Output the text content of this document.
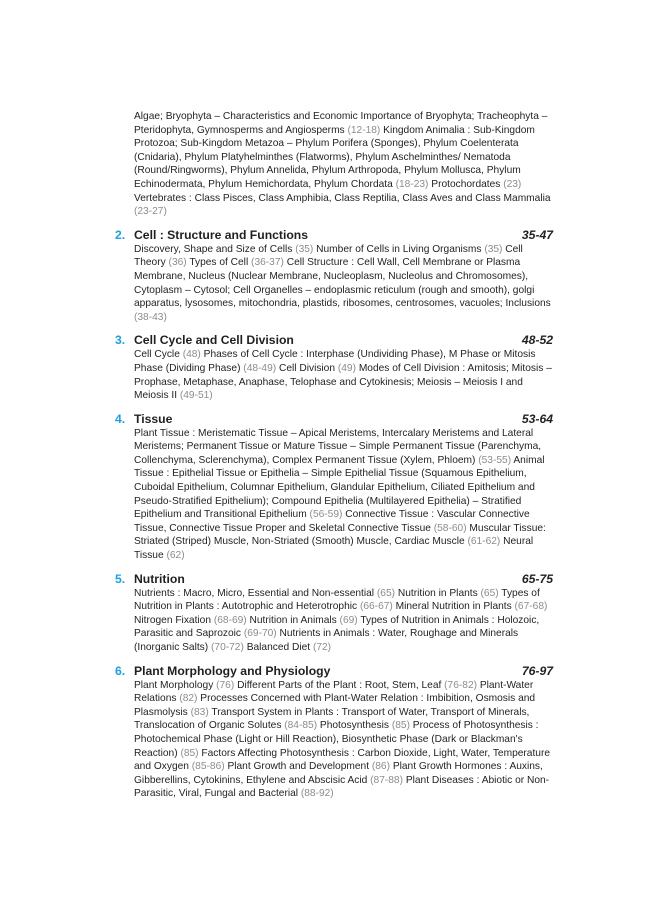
Algae; Bryophyta – Characteristics and Economic Importance of Bryophyta; Tracheophyta – Pteridophyta, Gymnosperms and Angiosperms (12-18) Kingdom Animalia : Sub-Kingdom Protozoa; Sub-Kingdom Metazoa – Phylum Porifera (Sponges), Phylum Coelenterata (Cnidaria), Phylum Platyhelminthes (Flatworms), Phylum Aschelminthes/ Nematoda (Round/Ringworms), Phylum Annelida, Phylum Arthropoda, Phylum Mollusca, Phylum Echinodermata, Phylum Hemichordata, Phylum Chordata (18-23) Protochordates (23) Vertebrates : Class Pisces, Class Amphibia, Class Reptilia, Class Aves and Class Mammalia (23-27)
2. Cell : Structure and Functions	35-47
Discovery, Shape and Size of Cells (35) Number of Cells in Living Organisms (35) Cell Theory (36) Types of Cell (36-37) Cell Structure : Cell Wall, Cell Membrane or Plasma Membrane, Nucleus (Nuclear Membrane, Nucleoplasm, Nucleolus and Chromosomes), Cytoplasm – Cytosol; Cell Organelles – endoplasmic reticulum (rough and smooth), golgi apparatus, lysosomes, mitochondria, plastids, ribosomes, centrosomes, vacuoles; Inclusions (38-43)
3. Cell Cycle and Cell Division	48-52
Cell Cycle (48) Phases of Cell Cycle : Interphase (Undividing Phase), M Phase or Mitosis Phase (Dividing Phase) (48-49) Cell Division (49) Modes of Cell Division : Amitosis; Mitosis – Prophase, Metaphase, Anaphase, Telophase and Cytokinesis; Meiosis – Meiosis I and Meiosis II (49-51)
4. Tissue	53-64
Plant Tissue : Meristematic Tissue – Apical Meristems, Intercalary Meristems and Lateral Meristems; Permanent Tissue or Mature Tissue – Simple Permanent Tissue (Parenchyma, Collenchyma, Sclerenchyma), Complex Permanent Tissue (Xylem, Phloem) (53-55) Animal Tissue : Epithelial Tissue or Epithelia – Simple Epithelial Tissue (Squamous Epithelium, Cuboidal Epithelium, Columnar Epithelium, Glandular Epithelium, Ciliated Epithelium and Pseudo-Stratified Epithelium); Compound Epithelia (Multilayered Epithelia) – Stratified Epithelium and Transitional Epithelium (56-59) Connective Tissue : Vascular Connective Tissue, Connective Tissue Proper and Skeletal Connective Tissue (58-60) Muscular Tissue: Striated (Striped) Muscle, Non-Striated (Smooth) Muscle, Cardiac Muscle (61-62) Neural Tissue (62)
5. Nutrition	65-75
Nutrients : Macro, Micro, Essential and Non-essential (65) Nutrition in Plants (65) Types of Nutrition in Plants : Autotrophic and Heterotrophic (66-67) Mineral Nutrition in Plants (67-68) Nitrogen Fixation (68-69) Nutrition in Animals (69) Types of Nutrition in Animals : Holozoic, Parasitic and Saprozoic (69-70) Nutrients in Animals : Water, Roughage and Minerals (Inorganic Salts) (70-72) Balanced Diet (72)
6. Plant Morphology and Physiology	76-97
Plant Morphology (76) Different Parts of the Plant : Root, Stem, Leaf (76-82) Plant-Water Relations (82) Processes Concerned with Plant-Water Relation : Imbibition, Osmosis and Plasmolysis (83) Transport System in Plants : Transport of Water, Transport of Minerals, Translocation of Organic Solutes (84-85) Photosynthesis (85) Process of Photosynthesis : Photochemical Phase (Light or Hill Reaction), Biosynthetic Phase (Dark or Blackman's Reaction) (85) Factors Affecting Photosynthesis : Carbon Dioxide, Light, Water, Temperature and Oxygen (85-86) Plant Growth and Development (86) Plant Growth Hormones : Auxins, Gibberellins, Cytokinins, Ethylene and Abscisic Acid (87-88) Plant Diseases : Abiotic or Non-Parasitic, Viral, Fungal and Bacterial (88-92)
